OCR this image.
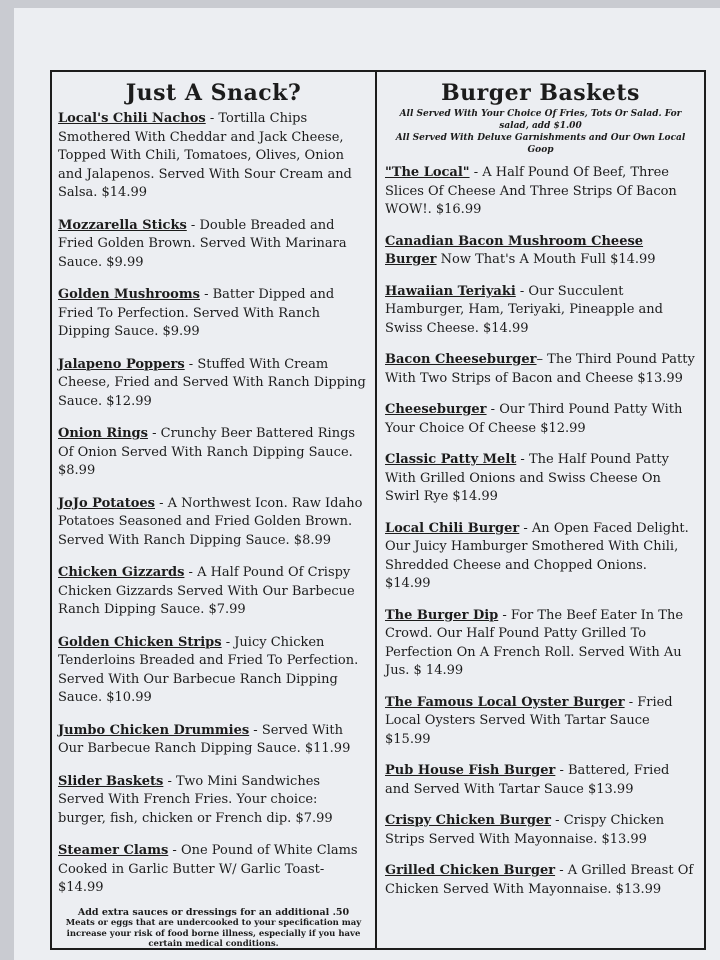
Just A Snack?
Local's Chili Nachos - Tortilla Chips Smothered With Cheddar and Jack Cheese, Topped With Chili, Tomatoes, Olives, Onion and Jalapenos. Served With Sour Cream and Salsa. $14.99
Mozzarella Sticks - Double Breaded and Fried Golden Brown. Served With Marinara Sauce. $9.99
Golden Mushrooms - Batter Dipped and Fried To Perfection. Served With Ranch Dipping Sauce. $9.99
Jalapeno Poppers - Stuffed With Cream Cheese, Fried and Served With Ranch Dipping Sauce. $12.99
Onion Rings - Crunchy Beer Battered Rings Of Onion Served With Ranch Dipping Sauce. $8.99
JoJo Potatoes - A Northwest Icon. Raw Idaho Potatoes Seasoned and Fried Golden Brown. Served With Ranch Dipping Sauce. $8.99
Chicken Gizzards - A Half Pound Of Crispy Chicken Gizzards Served With Our Barbecue Ranch Dipping Sauce. $7.99
Golden Chicken Strips - Juicy Chicken Tenderloins Breaded and Fried To Perfection. Served With Our Barbecue Ranch Dipping Sauce. $10.99
Jumbo Chicken Drummies - Served With Our Barbecue Ranch Dipping Sauce. $11.99
Slider Baskets - Two Mini Sandwiches Served With French Fries. Your choice: burger, fish, chicken or French dip. $7.99
Steamer Clams - One Pound of White Clams Cooked in Garlic Butter W/ Garlic Toast- $14.99

Add extra sauces or dressings for an additional .50

Meats or eggs that are undercooked to your specification may increase your risk of food borne illness, especially if you have certain medical conditions.

Burger Baskets

All Served With Your Choice Of Fries, Tots Or Salad. For salad, add $1.00

All Served With Deluxe Garnishments and Our Own Local Goop

"The Local" - A Half Pound Of Beef, Three Slices Of Cheese And Three Strips Of Bacon WOW!. $16.99
Canadian Bacon Mushroom Cheese Burger Now That's A Mouth Full $14.99
Hawaiian Teriyaki - Our Succulent Hamburger, Ham, Teriyaki, Pineapple and Swiss Cheese. $14.99
Bacon Cheeseburger– The Third Pound Patty With Two Strips of Bacon and Cheese $13.99
Cheeseburger - Our Third Pound Patty With Your Choice Of Cheese $12.99
Classic Patty Melt - The Half Pound Patty With Grilled Onions and Swiss Cheese On Swirl Rye $14.99
Local Chili Burger - An Open Faced Delight. Our Juicy Hamburger Smothered With Chili, Shredded Cheese and Chopped Onions. $14.99
The Burger Dip - For The Beef Eater In The Crowd. Our Half Pound Patty Grilled To Perfection On A French Roll. Served With Au Jus. $ 14.99
The Famous Local Oyster Burger - Fried Local Oysters Served With Tartar Sauce $15.99
Pub House Fish Burger - Battered, Fried and Served With Tartar Sauce $13.99
Crispy Chicken Burger - Crispy Chicken Strips Served With Mayonnaise. $13.99
Grilled Chicken Burger - A Grilled Breast Of Chicken Served With Mayonnaise. $13.99
